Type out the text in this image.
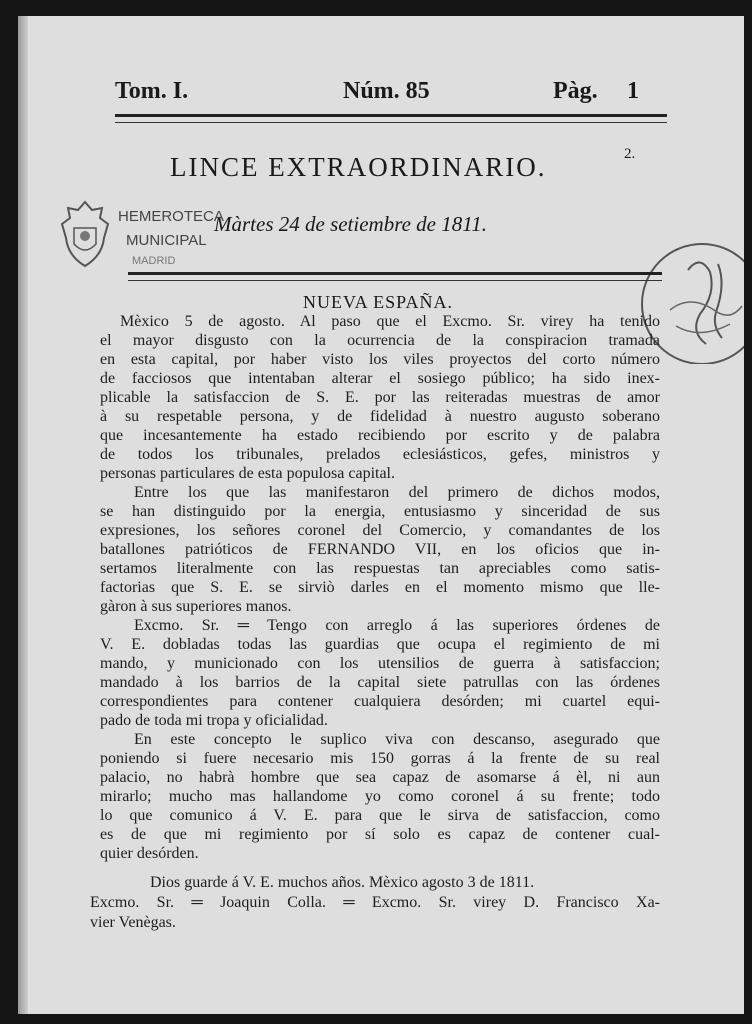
Tom. I.	Núm. 85	Pàg. 1
2.
LINCE EXTRAORDINARIO.
Màrtes 24 de setiembre de 1811.
HEMEROTECA
MUNICIPAL
MADRID
NUEVA ESPAÑA.
Mèxico 5 de agosto. Al paso que el Excmo. Sr. virey ha tenido
el mayor disgusto con la ocurrencia de la conspiracion tramada
en esta capital, por haber visto los viles proyectos del corto número
de facciosos que intentaban alterar el sosiego público; ha sido inex-
plicable la satisfaccion de S. E. por las reiteradas muestras de amor
à su respetable persona, y de fidelidad à nuestro augusto soberano
que incesantemente ha estado recibiendo por escrito y de palabra
de todos los tribunales, prelados eclesiásticos, gefes, ministros y
personas particulares de esta populosa capital.
Entre los que las manifestaron del primero de dichos modos,
se han distinguido por la energia, entusiasmo y sinceridad de sus
expresiones, los señores coronel del Comercio, y comandantes de los
batallones patrióticos de FERNANDO VII, en los oficios que in-
sertamos literalmente con las respuestas tan apreciables como satis-
factorias que S. E. se sirviò darles en el momento mismo que lle-
gàron à sus superiores manos.
Excmo. Sr. ═ Tengo con arreglo á las superiores órdenes de
V. E. dobladas todas las guardias que ocupa el regimiento de mi
mando, y municionado con los utensilios de guerra à satisfaccion;
mandado à los barrios de la capital siete patrullas con las órdenes
correspondientes para contener cualquiera desórden; mi cuartel equi-
pado de toda mi tropa y oficialidad.
En este concepto le suplico viva con descanso, asegurado que
poniendo si fuere necesario mis 150 gorras á la frente de su real
palacio, no habrà hombre que sea capaz de asomarse á èl, ni aun
mirarlo; mucho mas hallandome yo como coronel á su frente; todo
lo que comunico á V. E. para que le sirva de satisfaccion, como
es de que mi regimiento por sí solo es capaz de contener cual-
quier desórden.
Dios guarde á V. E. muchos años. Mèxico agosto 3 de 1811.
Excmo. Sr. ═ Joaquin Colla. ═ Excmo. Sr. virey D. Francisco Xa-
vier Venègas.
